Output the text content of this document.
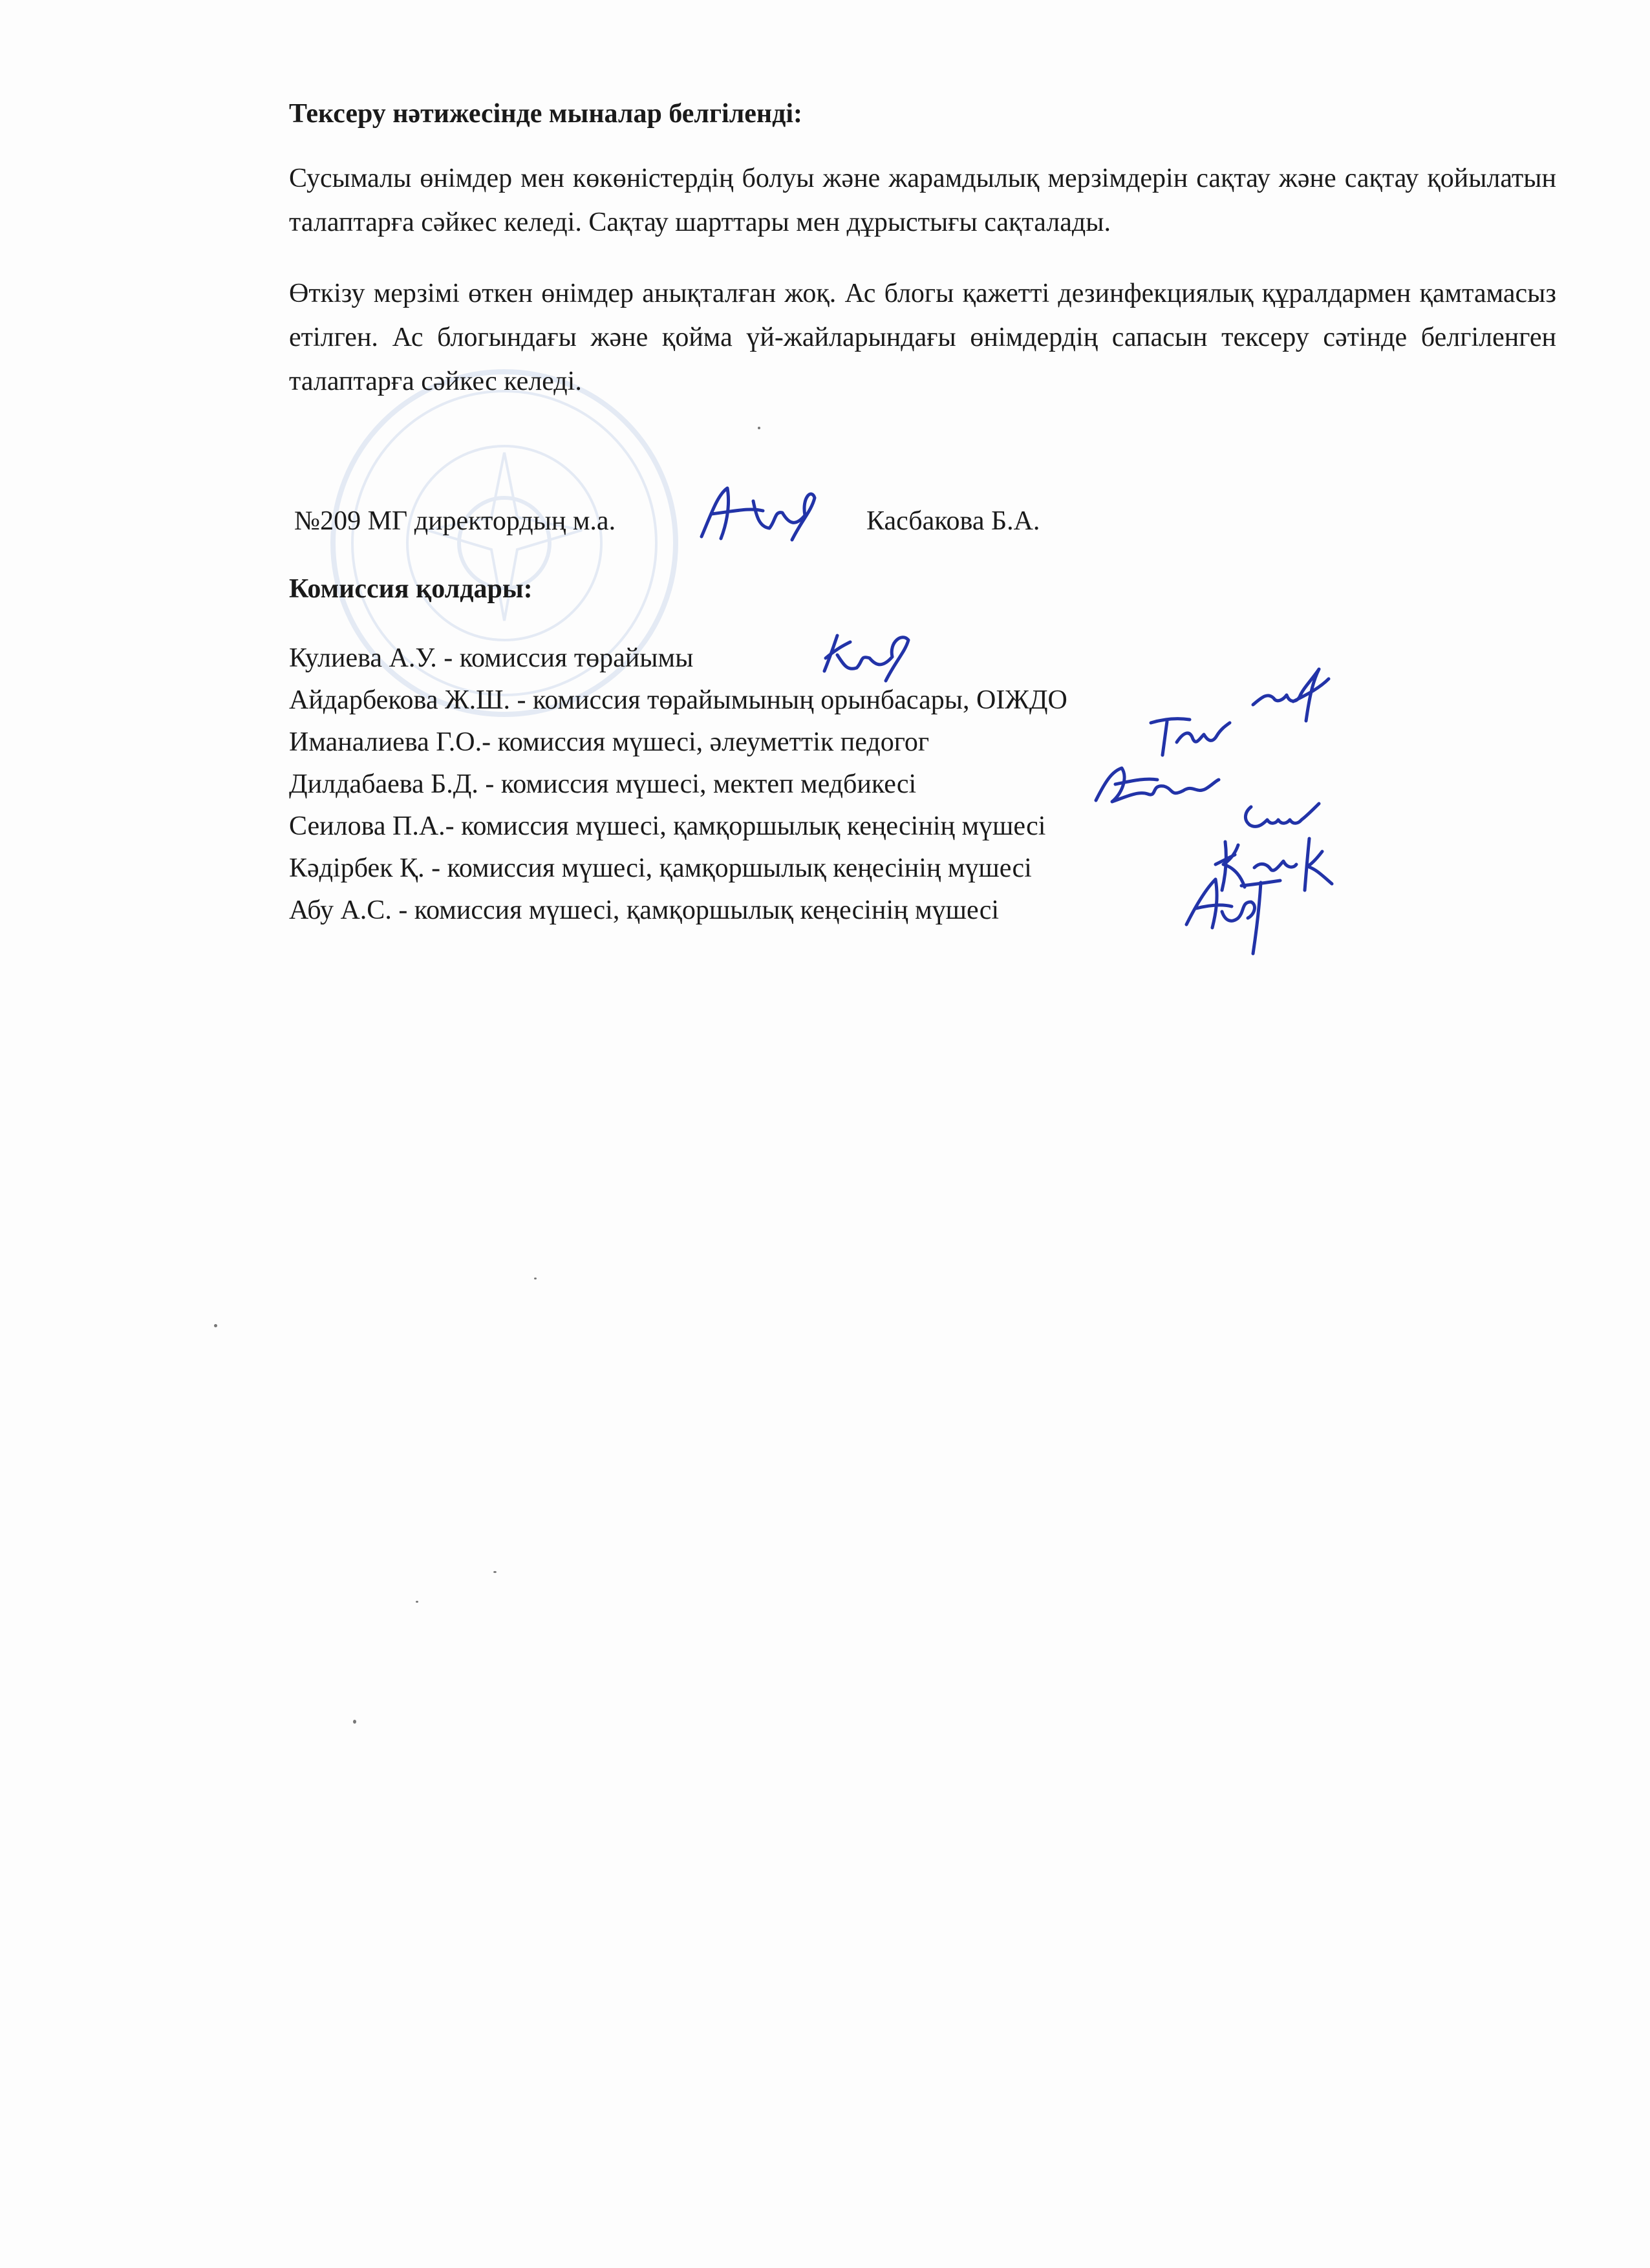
Тексеру нәтижесінде мыналар белгіленді:
Сусымалы өнімдер мен көкөністердің болуы және жарамдылық мерзімдерін сақтау және сақтау қойылатын талаптарға сәйкес келеді. Сақтау шарттары мен дұрыстығы сақталады.
Өткізу мерзімі өткен өнімдер анықталған жоқ. Ас блогы қажетті дезинфекциялық құралдармен қамтамасыз етілген. Ас блогындағы және қойма үй-жайларындағы өнімдердің сапасын тексеру сәтінде белгіленген талаптарға сәйкес келеді.
№209 МГ директордың м.а.	Касбакова Б.А.
Комиссия қолдары:
Кулиева А.У. - комиссия төрайымы
Айдарбекова Ж.Ш. - комиссия төрайымының орынбасары, ОІЖДО
Иманалиева Г.О.- комиссия мүшесі, әлеуметтік педогог
Дилдабаева Б.Д. - комиссия мүшесі, мектеп медбикесі
Сеилова П.А.- комиссия мүшесі, қамқоршылық кеңесінің мүшесі
Кәдірбек Қ. - комиссия мүшесі, қамқоршылық кеңесінің мүшесі
Абу А.С. - комиссия мүшесі, қамқоршылық кеңесінің мүшесі
